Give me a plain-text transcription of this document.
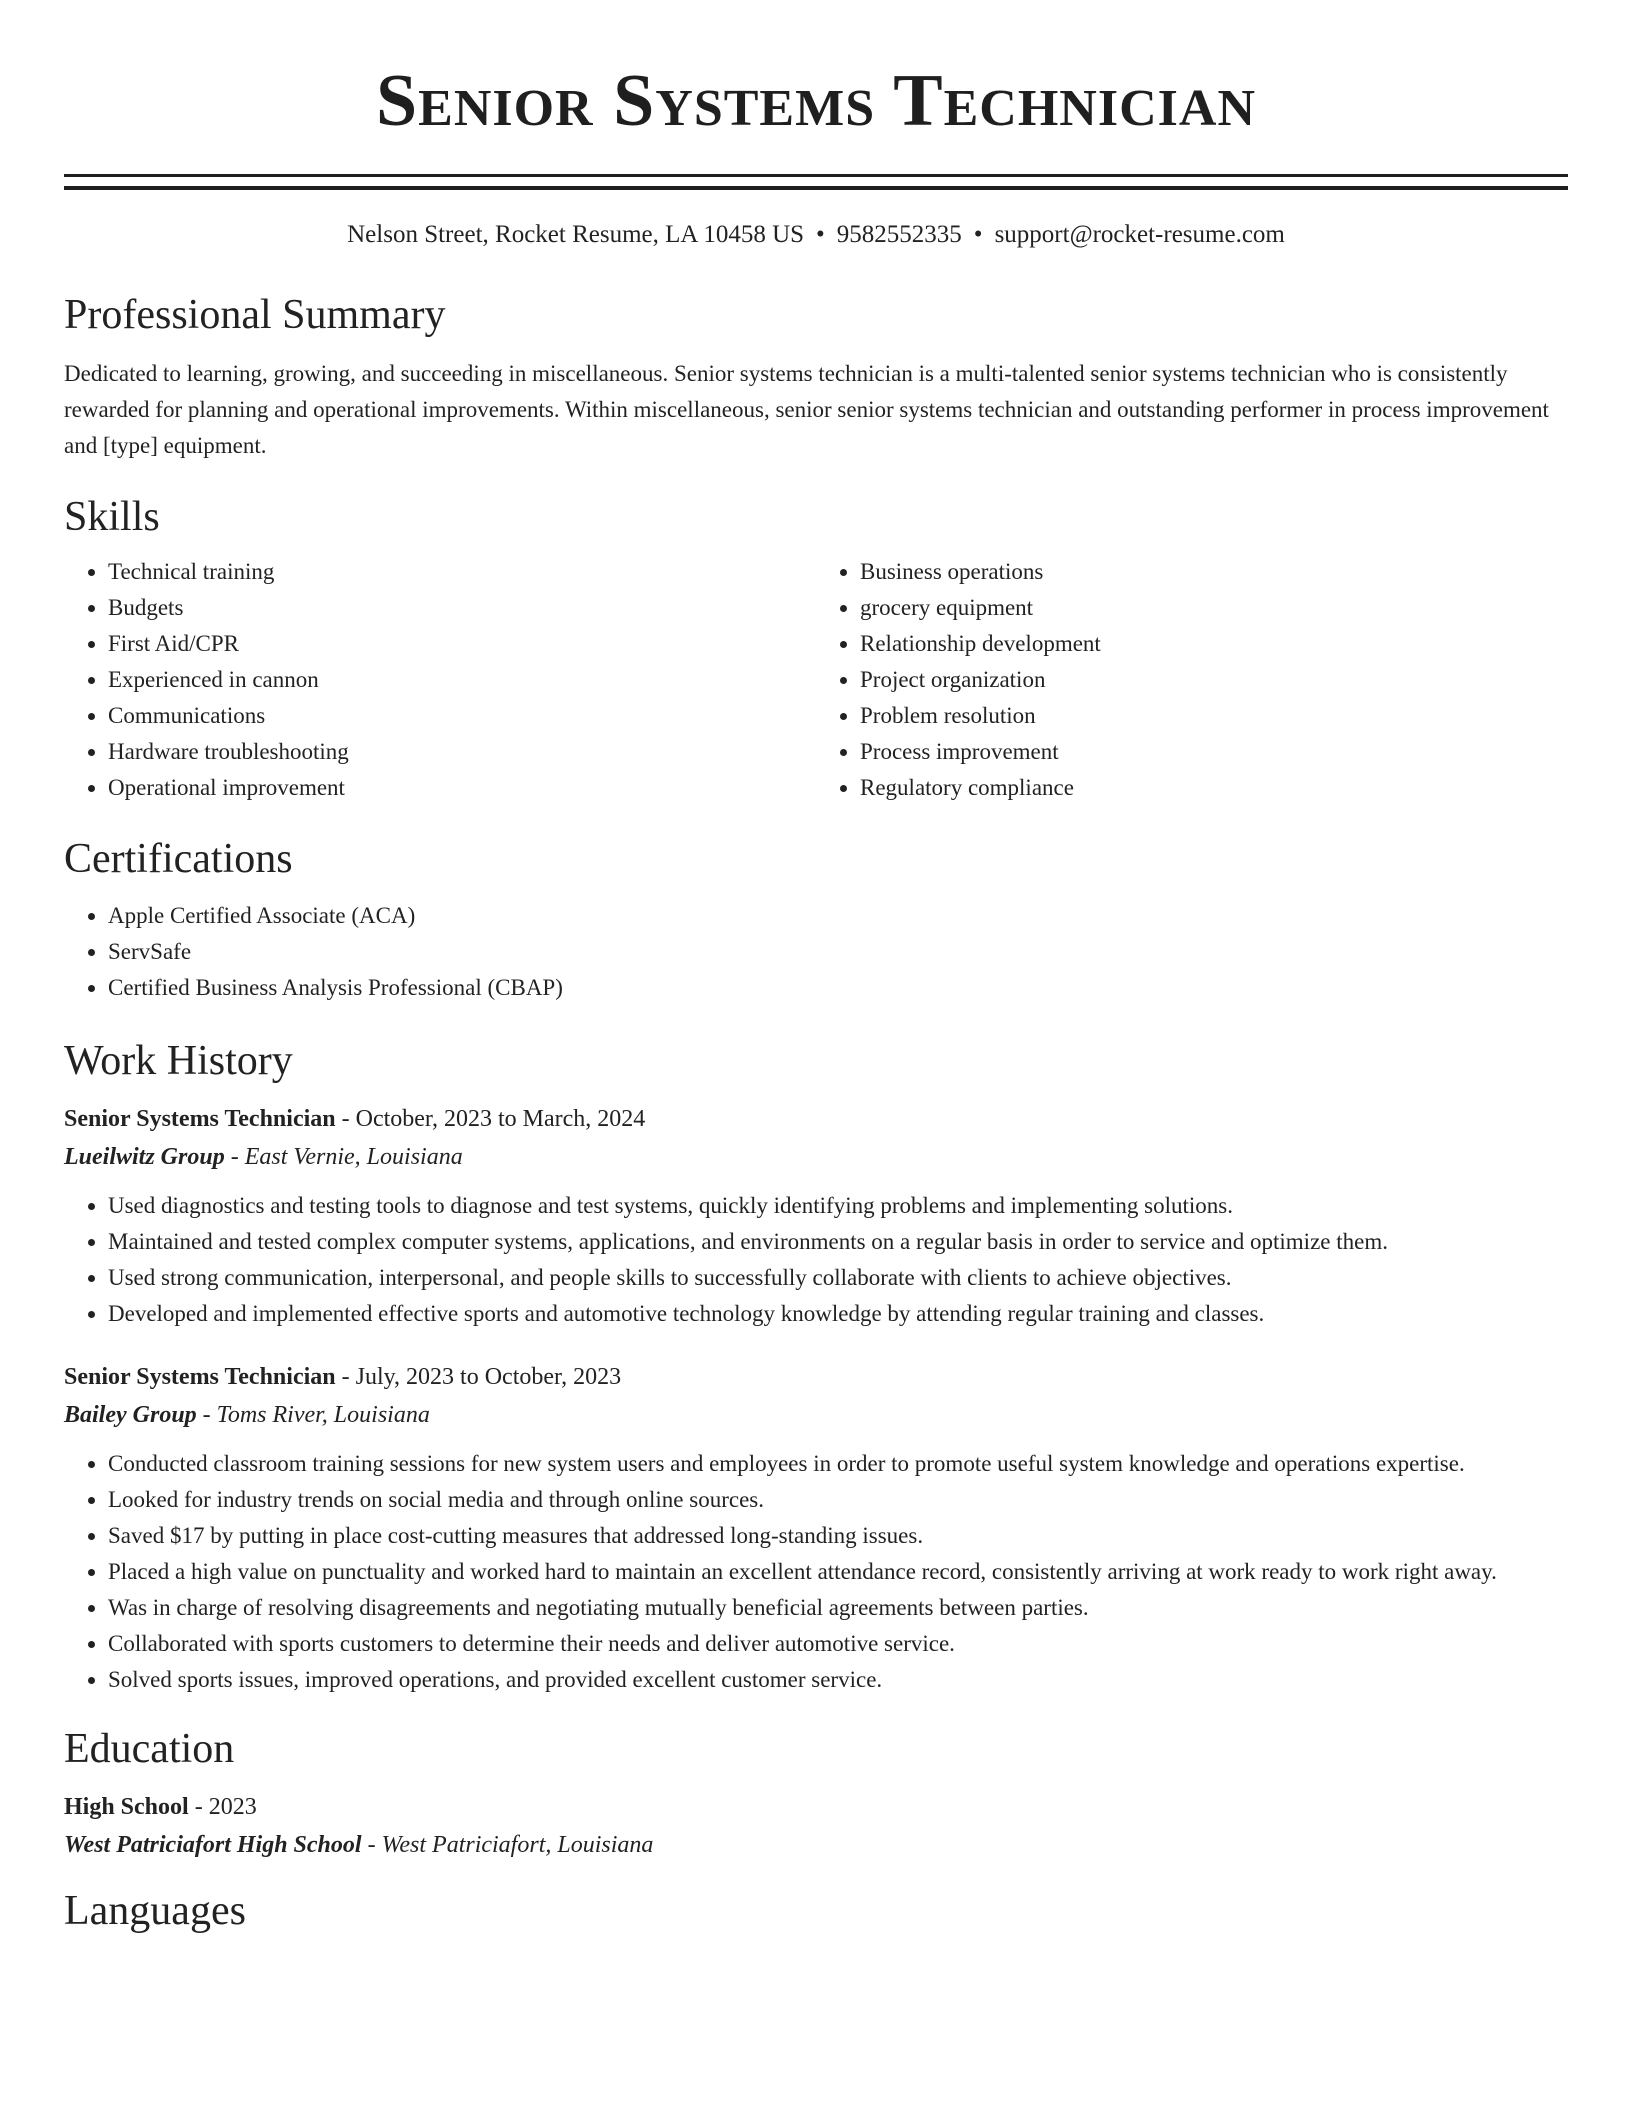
Senior Systems Technician
Nelson Street, Rocket Resume, LA 10458 US • 9582552335 • support@rocket-resume.com
Professional Summary

Dedicated to learning, growing, and succeeding in miscellaneous. Senior systems technician is a multi-talented senior systems technician who is consistently rewarded for planning and operational improvements. Within miscellaneous, senior senior systems technician and outstanding performer in process improvement and [type] equipment.

Skills
• Technical training
• Budgets
• First Aid/CPR
• Experienced in cannon
• Communications
• Hardware troubleshooting
• Operational improvement
• Business operations
• grocery equipment
• Relationship development
• Project organization
• Problem resolution
• Process improvement
• Regulatory compliance
Certifications
• Apple Certified Associate (ACA)
• ServSafe
• Certified Business Analysis Professional (CBAP)
Work History
Senior Systems Technician - October, 2023 to March, 2024
Lueilwitz Group - East Vernie, Louisiana
• Used diagnostics and testing tools to diagnose and test systems, quickly identifying problems and implementing solutions.
• Maintained and tested complex computer systems, applications, and environments on a regular basis in order to service and optimize them.
• Used strong communication, interpersonal, and people skills to successfully collaborate with clients to achieve objectives.
• Developed and implemented effective sports and automotive technology knowledge by attending regular training and classes.
Senior Systems Technician - July, 2023 to October, 2023
Bailey Group - Toms River, Louisiana
• Conducted classroom training sessions for new system users and employees in order to promote useful system knowledge and operations expertise.
• Looked for industry trends on social media and through online sources.
• Saved $17 by putting in place cost-cutting measures that addressed long-standing issues.
• Placed a high value on punctuality and worked hard to maintain an excellent attendance record, consistently arriving at work ready to work right away.
• Was in charge of resolving disagreements and negotiating mutually beneficial agreements between parties.
• Collaborated with sports customers to determine their needs and deliver automotive service.
• Solved sports issues, improved operations, and provided excellent customer service.
Education
High School - 2023
West Patriciafort High School - West Patriciafort, Louisiana
Languages
